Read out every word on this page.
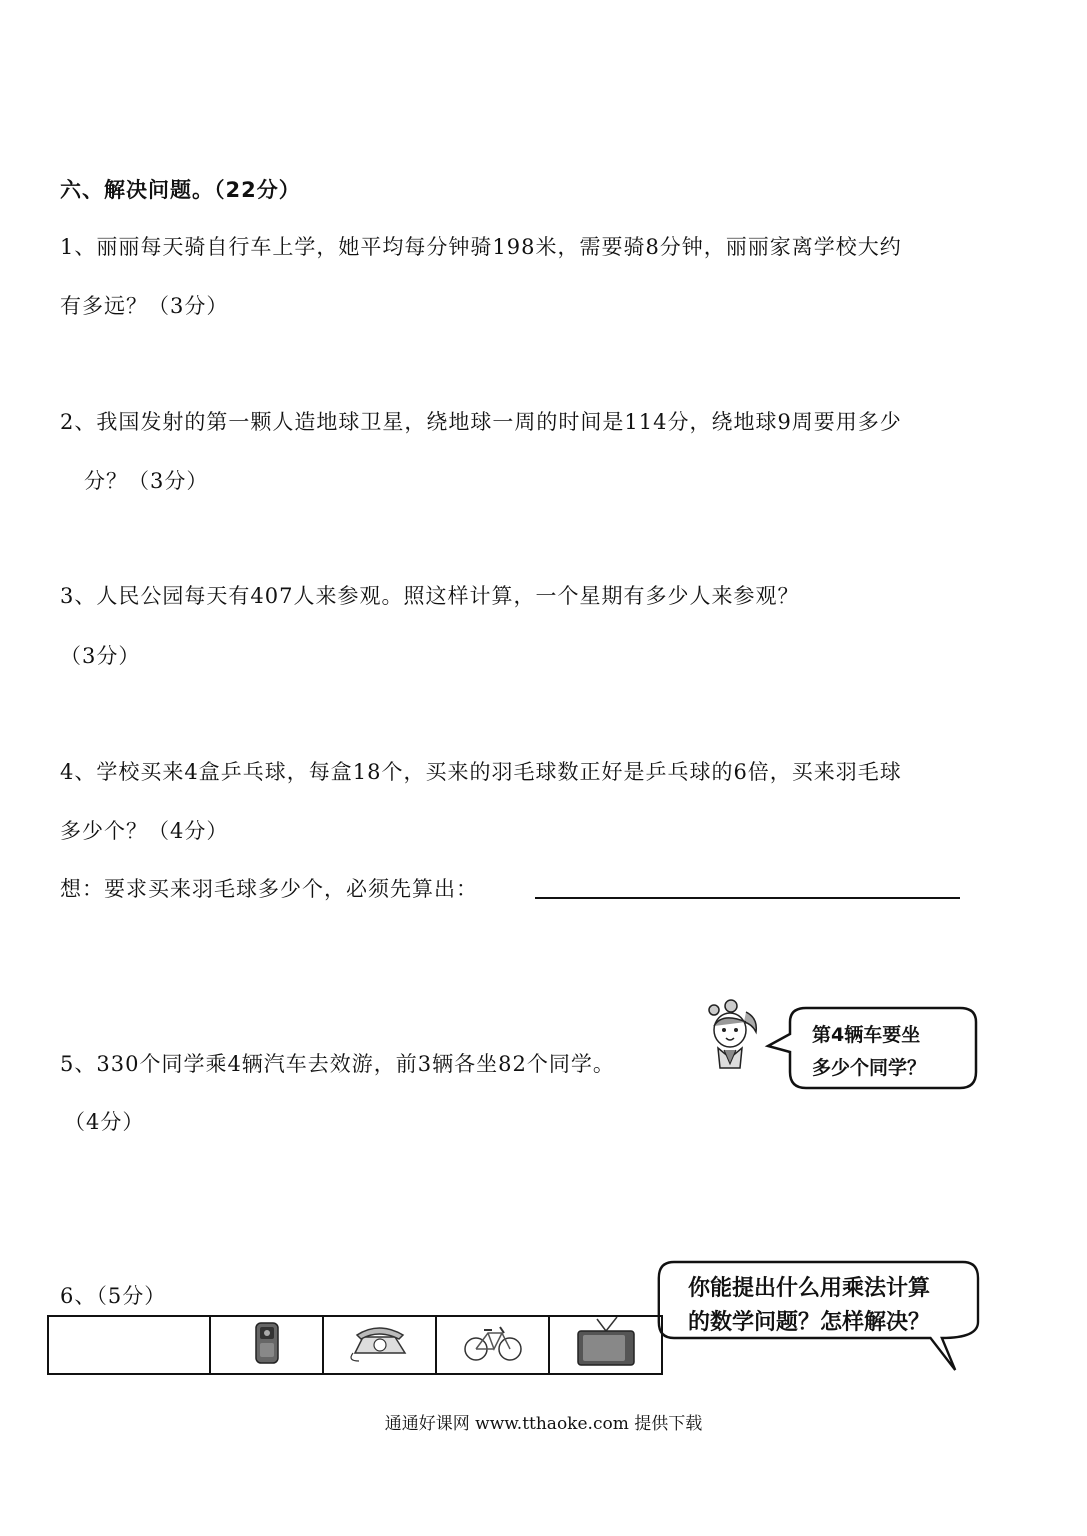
六、解决问题。（22分）
1、丽丽每天骑自行车上学，她平均每分钟骑198米，需要骑8分钟，丽丽家离学校大约
有多远？（3分）
2、我国发射的第一颗人造地球卫星，绕地球一周的时间是114分，绕地球9周要用多少
分？（3分）
3、人民公园每天有407人来参观。照这样计算，一个星期有多少人来参观？
（3分）
4、学校买来4盒乒乓球，每盒18个，买来的羽毛球数正好是乒乓球的6倍，买来羽毛球
多少个？（4分）
想：要求买来羽毛球多少个，必须先算出：
5、330个同学乘4辆汽车去效游，前3辆各坐82个同学。
（4分）
第4辆车要坐
多少个同学？
6、（5分）	你能提出什么用乘法计算
的数学问题？怎样解决？

通通好课网 www.tthaoke.com 提供下载
